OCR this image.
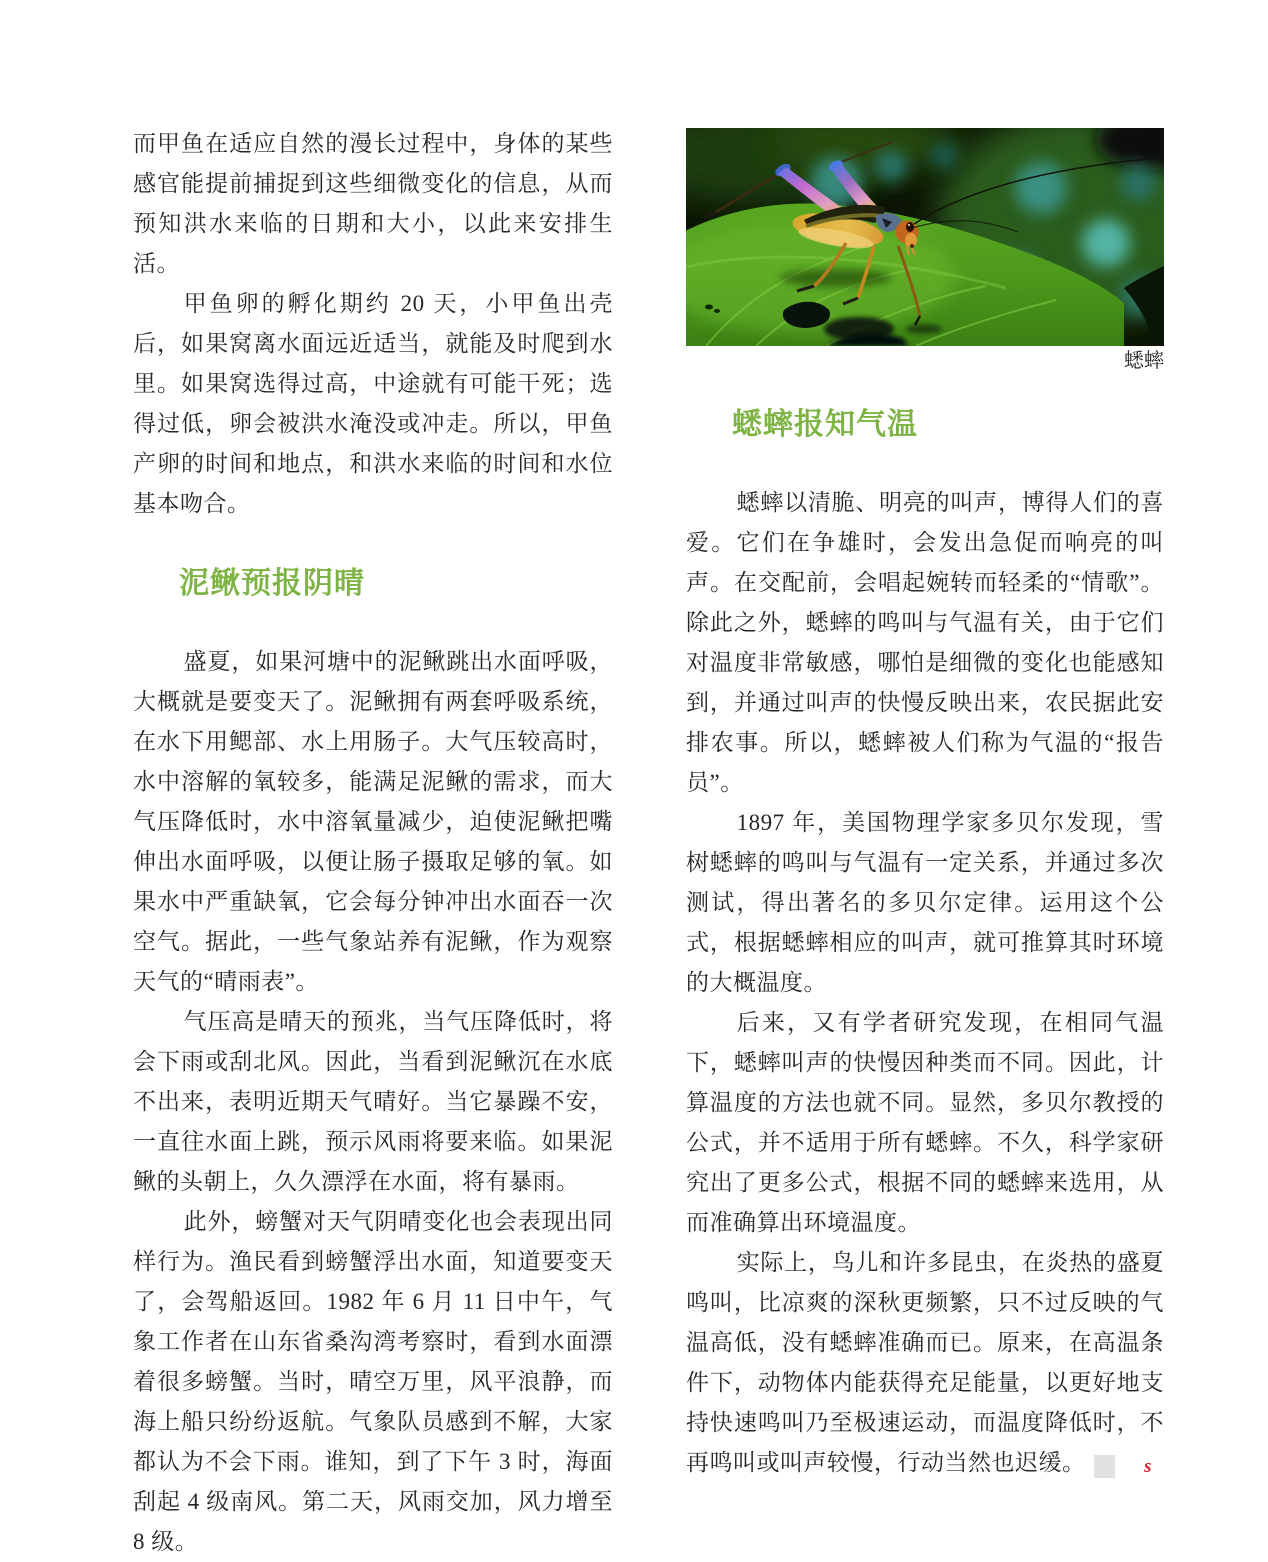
而甲鱼在适应自然的漫长过程中，身体的某些感官能提前捕捉到这些细微变化的信息，从而预知洪水来临的日期和大小，以此来安排生活。

甲鱼卵的孵化期约 20 天，小甲鱼出壳后，如果窝离水面远近适当，就能及时爬到水里。如果窝选得过高，中途就有可能干死；选得过低，卵会被洪水淹没或冲走。所以，甲鱼产卵的时间和地点，和洪水来临的时间和水位基本吻合。

泥鳅预报阴晴

盛夏，如果河塘中的泥鳅跳出水面呼吸，大概就是要变天了。泥鳅拥有两套呼吸系统，在水下用鳃部、水上用肠子。大气压较高时，水中溶解的氧较多，能满足泥鳅的需求，而大气压降低时，水中溶氧量减少，迫使泥鳅把嘴伸出水面呼吸，以便让肠子摄取足够的氧。如果水中严重缺氧，它会每分钟冲出水面吞一次空气。据此，一些气象站养有泥鳅，作为观察天气的“晴雨表”。

气压高是晴天的预兆，当气压降低时，将会下雨或刮北风。因此，当看到泥鳅沉在水底不出来，表明近期天气晴好。当它暴躁不安，一直往水面上跳，预示风雨将要来临。如果泥鳅的头朝上，久久漂浮在水面，将有暴雨。

此外，螃蟹对天气阴晴变化也会表现出同样行为。渔民看到螃蟹浮出水面，知道要变天了，会驾船返回。1982 年 6 月 11 日中午，气象工作者在山东省桑沟湾考察时，看到水面漂着很多螃蟹。当时，晴空万里，风平浪静，而海上船只纷纷返航。气象队员感到不解，大家都认为不会下雨。谁知，到了下午 3 时，海面刮起 4 级南风。第二天，风雨交加，风力增至 8 级。

蟋蟀
蟋蟀报知气温

蟋蟀以清脆、明亮的叫声，博得人们的喜爱。它们在争雄时，会发出急促而响亮的叫声。在交配前，会唱起婉转而轻柔的“情歌”。除此之外，蟋蟀的鸣叫与气温有关，由于它们对温度非常敏感，哪怕是细微的变化也能感知到，并通过叫声的快慢反映出来，农民据此安排农事。所以，蟋蟀被人们称为气温的“报告员”。

1897 年，美国物理学家多贝尔发现，雪树蟋蟀的鸣叫与气温有一定关系，并通过多次测试，得出著名的多贝尔定律。运用这个公式，根据蟋蟀相应的叫声，就可推算其时环境的大概温度。

后来，又有学者研究发现，在相同气温下，蟋蟀叫声的快慢因种类而不同。因此，计算温度的方法也就不同。显然，多贝尔教授的公式，并不适用于所有蟋蟀。不久，科学家研究出了更多公式，根据不同的蟋蟀来选用，从而准确算出环境温度。

实际上，鸟儿和许多昆虫，在炎热的盛夏鸣叫，比凉爽的深秋更频繁，只不过反映的气温高低，没有蟋蟀准确而已。原来，在高温条件下，动物体内能获得充足能量，以更好地支持快速鸣叫乃至极速运动，而温度降低时，不再鸣叫或叫声较慢，行动当然也迟缓。	s
